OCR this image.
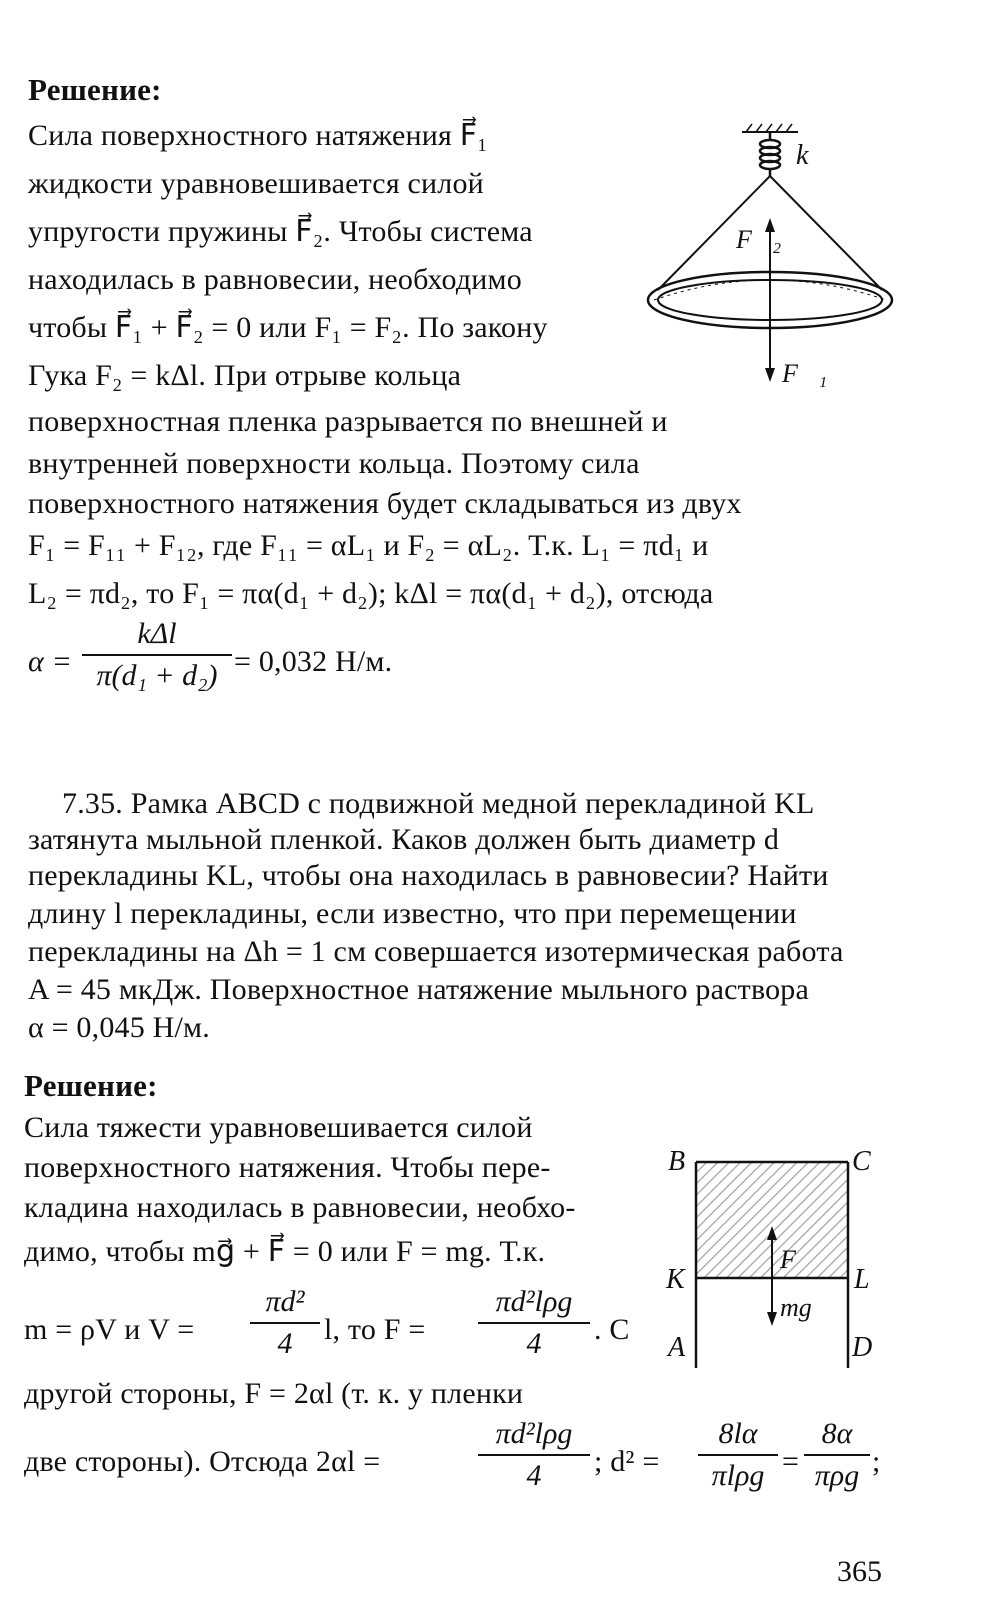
Решение:
Сила поверхностного натяжения F⃗₁
жидкости уравновешивается силой
упругости пружины F⃗₂. Чтобы система
находилась в равновесии, необходимо
чтобы F⃗₁ + F⃗₂ = 0 или F₁ = F₂. По закону
Гука F₂ = kΔl. При отрыве кольца
поверхностная пленка разрывается по внешней и
внутренней поверхности кольца. Поэтому сила
поверхностного натяжения будет складываться из двух
F₁ = F₁₁ + F₁₂, где F₁₁ = αL₁ и F₂ = αL₂. Т.к. L₁ = πd₁ и
L₂ = πd₂, то F₁ = πα(d₁ + d₂); kΔl = πα(d₁ + d₂), отсюда
α =
kΔl
π(d₁ + d₂) = 0,032 Н/м.
k
F⃗₂
F⃗₁
7.35. Рамка ABCD с подвижной медной перекладиной KL
затянута мыльной пленкой. Каков должен быть диаметр d
перекладины KL, чтобы она находилась в равновесии? Найти
длину l перекладины, если известно, что при перемещении
перекладины на Δh = 1 см совершается изотермическая работа
A = 45 мкДж. Поверхностное натяжение мыльного раствора
α = 0,045 Н/м.
Решение:
Сила тяжести уравновешивается силой
поверхностного натяжения. Чтобы пере-
кладина находилась в равновесии, необхо-
димо, чтобы mg⃗ + F⃗ = 0 или F = mg. Т.к.
m = ρV и V =
πd²
4	l, то F =
πd²lρg
4	. С
другой стороны, F = 2αl (т. к. у пленки
две стороны). Отсюда 2αl =
πd²lρg
4	; d² =
8lα
πlρg =
8α
πρg ;
F⃗
mg⃗
B	C
K	L
A	D
365
